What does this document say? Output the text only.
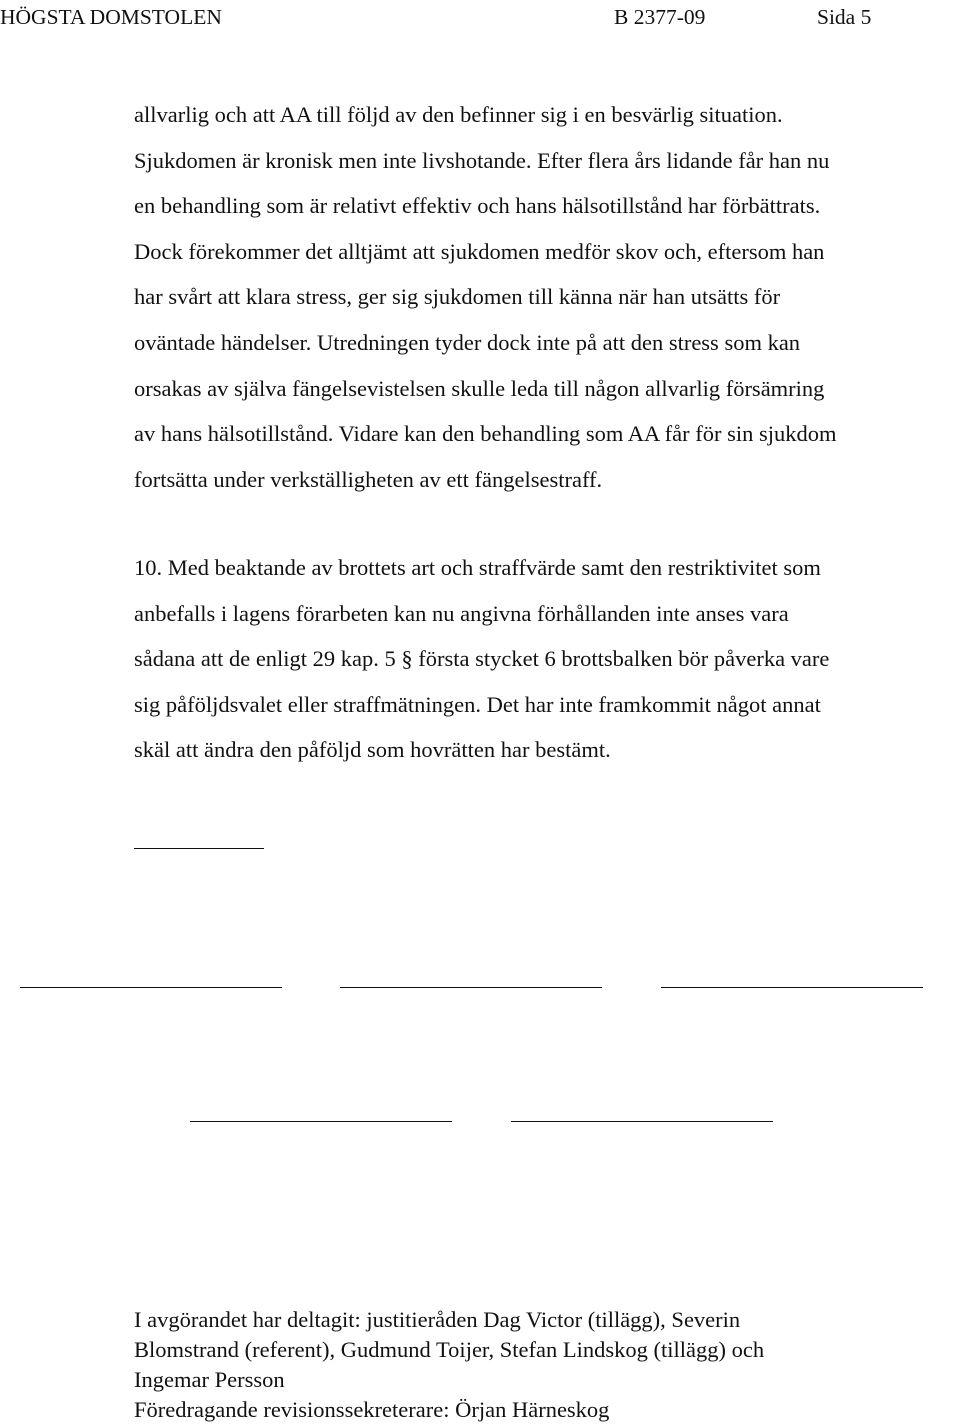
HÖGSTA DOMSTOLEN	B 2377-09	Sida 5

allvarlig och att AA till följd av den befinner sig i en besvärlig situation.
Sjukdomen är kronisk men inte livshotande. Efter flera års lidande får han nu
en behandling som är relativt effektiv och hans hälsotillstånd har förbättrats.
Dock förekommer det alltjämt att sjukdomen medför skov och, eftersom han
har svårt att klara stress, ger sig sjukdomen till känna när han utsätts för
oväntade händelser. Utredningen tyder dock inte på att den stress som kan
orsakas av själva fängelsevistelsen skulle leda till någon allvarlig försämring
av hans hälsotillstånd. Vidare kan den behandling som AA får för sin sjukdom
fortsätta under verkställigheten av ett fängelsestraff.

10. Med beaktande av brottets art och straffvärde samt den restriktivitet som
anbefalls i lagens förarbeten kan nu angivna förhållanden inte anses vara
sådana att de enligt 29 kap. 5 § första stycket 6 brottsbalken bör påverka vare
sig påföljdsvalet eller straffmätningen. Det har inte framkommit något annat
skäl att ändra den påföljd som hovrätten har bestämt.

I avgörandet har deltagit: justitieråden Dag Victor (tillägg), Severin
Blomstrand (referent), Gudmund Toijer, Stefan Lindskog (tillägg) och
Ingemar Persson
Föredragande revisionssekreterare: Örjan Härneskog
